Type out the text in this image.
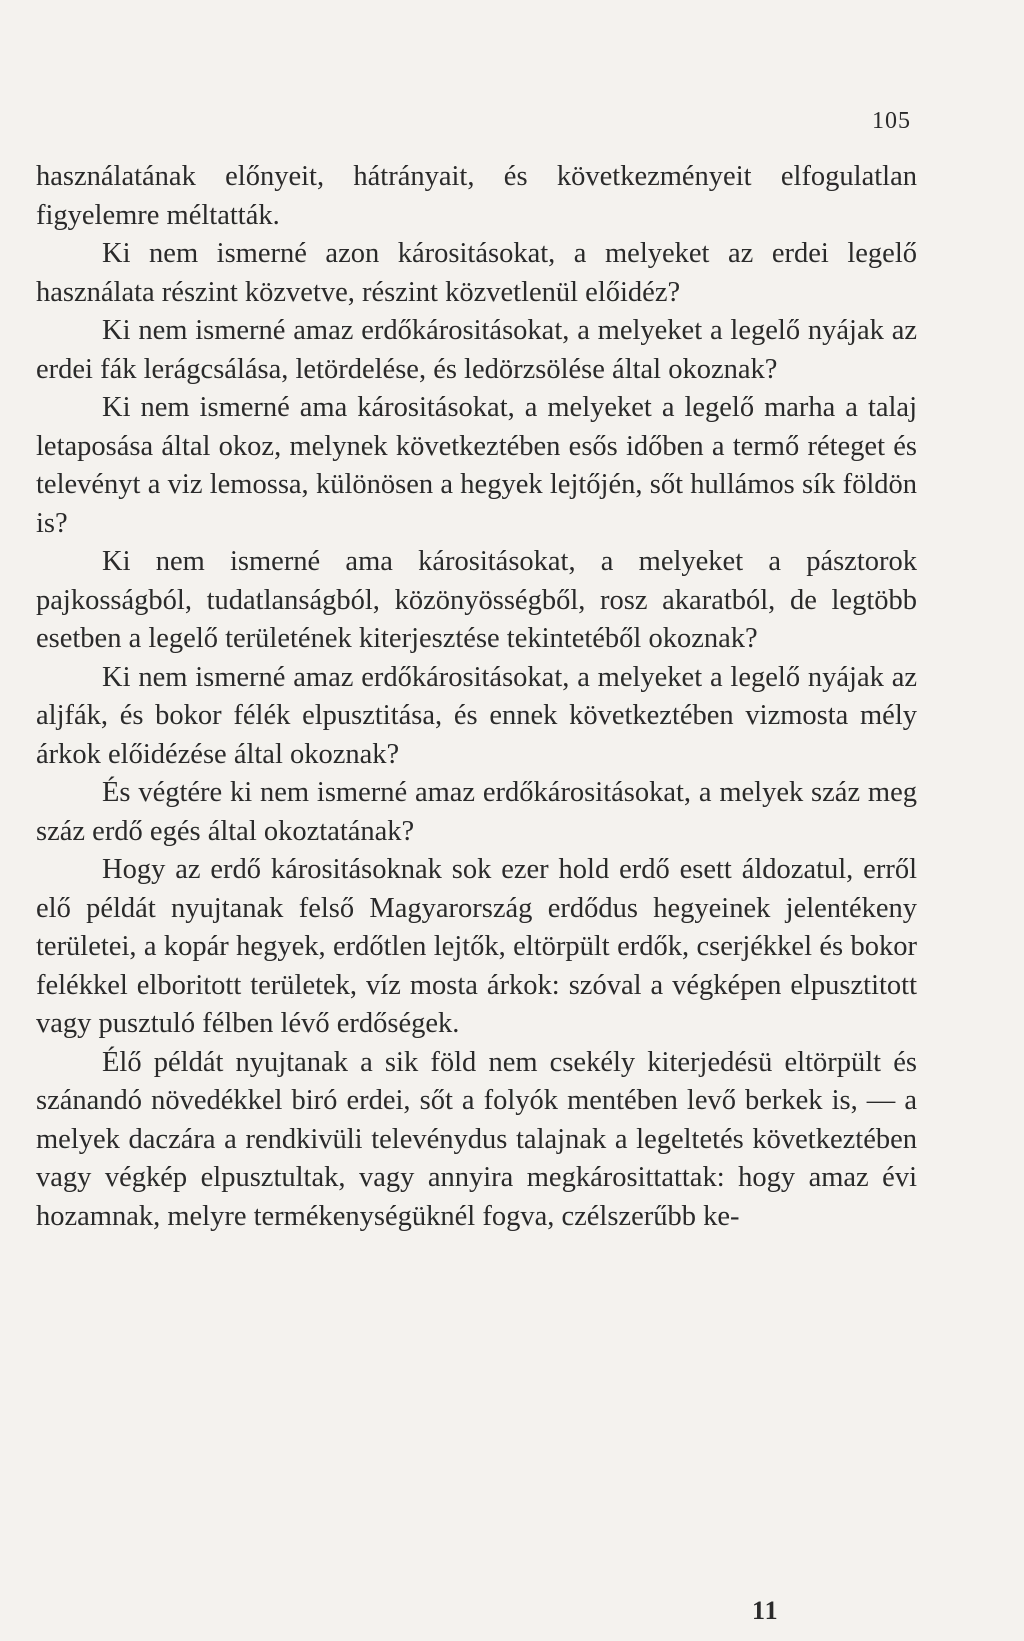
105

használatának előnyeit, hátrányait, és következményeit elfogulatlan figyelemre méltatták.

Ki nem ismerné azon kárositásokat, a melyeket az erdei legelő használata részint közvetve, részint közvetlenül előidéz?

Ki nem ismerné amaz erdőkárositásokat, a melyeket a legelő nyájak az erdei fák lerágcsálása, letördelése, és ledörzsölése által okoznak?

Ki nem ismerné ama kárositásokat, a melyeket a legelő marha a talaj letaposása által okoz, melynek következtében esős időben a termő réteget és televényt a viz lemossa, különösen a hegyek lejtőjén, sőt hullámos sík földön is?

Ki nem ismerné ama kárositásokat, a melyeket a pásztorok pajkosságból, tudatlanságból, közönyösségből, rosz akaratból, de legtöbb esetben a legelő területének kiterjesztése tekintetéből okoznak?

Ki nem ismerné amaz erdőkárositásokat, a melyeket a legelő nyájak az aljfák, és bokor félék elpusztitása, és ennek következtében vizmosta mély árkok előidézése által okoznak?

És végtére ki nem ismerné amaz erdőkárositásokat, a melyek száz meg száz erdő egés által okoztatának?

Hogy az erdő kárositásoknak sok ezer hold erdő esett áldozatul, erről elő példát nyujtanak felső Magyarország erdődus hegyeinek jelentékeny területei, a kopár hegyek, erdőtlen lejtők, eltörpült erdők, cserjékkel és bokor felékkel elboritott területek, víz mosta árkok: szóval a végképen elpusztitott vagy pusztuló félben lévő erdőségek.

Élő példát nyujtanak a sik föld nem csekély kiterjedésü eltörpült és szánandó növedékkel biró erdei, sőt a folyók mentében levő berkek is, — a melyek daczára a rendkivüli televénydus talajnak a legeltetés következtében vagy végkép elpusztultak, vagy annyira megkárosittattak: hogy amaz évi hozamnak, melyre termékenységüknél fogva, czélszerűbb ke-

11
